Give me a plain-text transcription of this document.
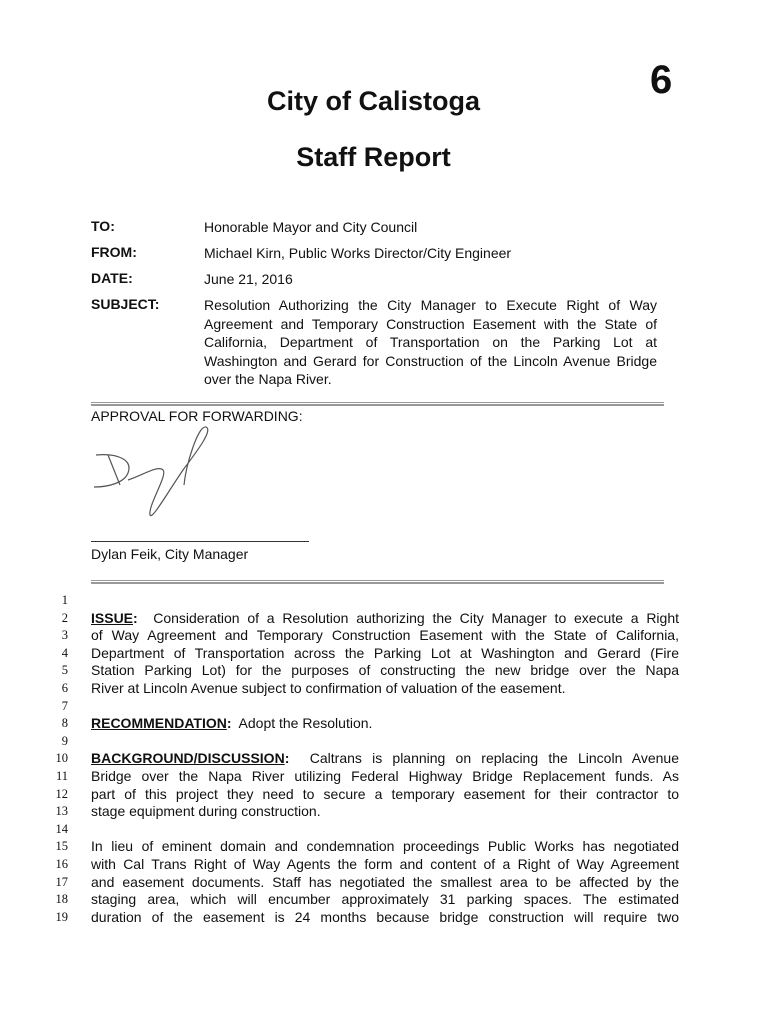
6
City of Calistoga
Staff Report
TO:	Honorable Mayor and City Council
FROM:	Michael Kirn, Public Works Director/City Engineer
DATE:	June 21, 2016
SUBJECT:	Resolution Authorizing the City Manager to Execute Right of Way Agreement and Temporary Construction Easement with the State of California, Department of Transportation on the Parking Lot at Washington and Gerard for Construction of the Lincoln Avenue Bridge over the Napa River.
APPROVAL FOR FORWARDING:
Dylan Feik, City Manager
1
2
3
4
5
6
7
8
9
10
11
12
13
14
15
16
17
18
19
ISSUE: Consideration of a Resolution authorizing the City Manager to execute a Right
of Way Agreement and Temporary Construction Easement with the State of California,
Department of Transportation across the Parking Lot at Washington and Gerard (Fire
Station Parking Lot) for the purposes of constructing the new bridge over the Napa
River at Lincoln Avenue subject to confirmation of valuation of the easement.
RECOMMENDATION: Adopt the Resolution.
BACKGROUND/DISCUSSION: Caltrans is planning on replacing the Lincoln Avenue
Bridge over the Napa River utilizing Federal Highway Bridge Replacement funds. As
part of this project they need to secure a temporary easement for their contractor to
stage equipment during construction.
In lieu of eminent domain and condemnation proceedings Public Works has negotiated
with Cal Trans Right of Way Agents the form and content of a Right of Way Agreement
and easement documents. Staff has negotiated the smallest area to be affected by the
staging area, which will encumber approximately 31 parking spaces. The estimated
duration of the easement is 24 months because bridge construction will require two
